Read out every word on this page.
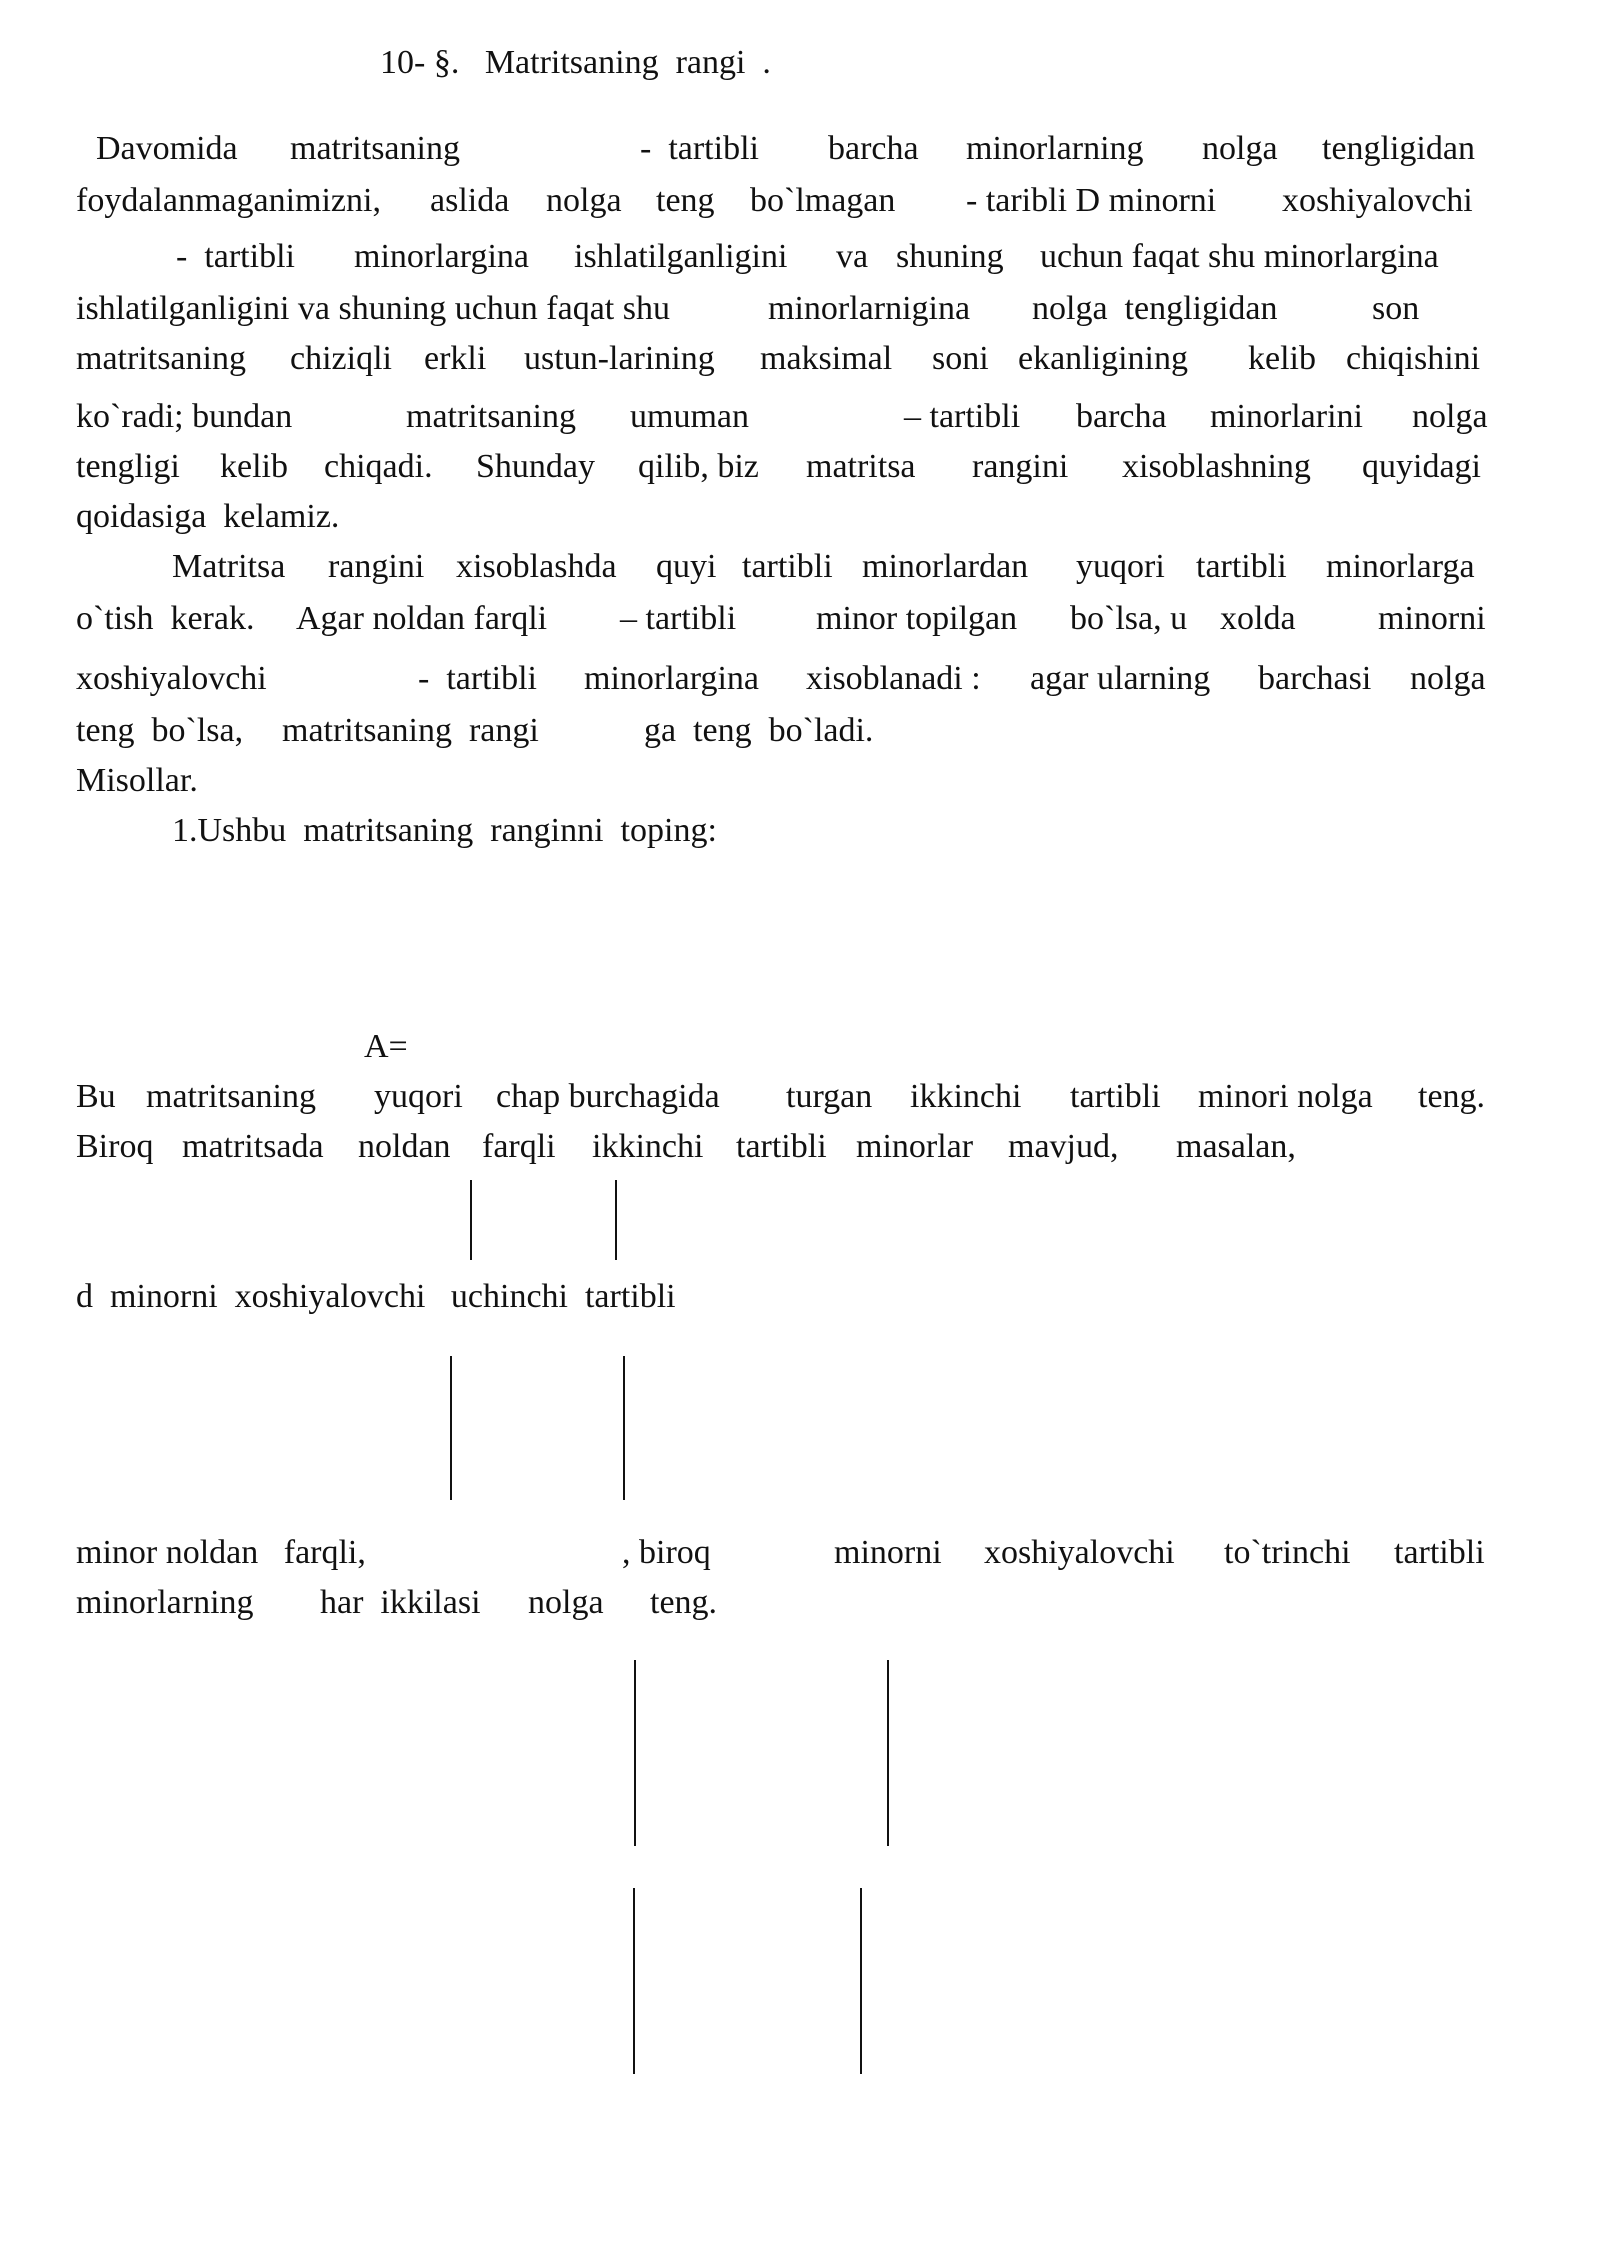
10- §.   Matritsaning  rangi  .
Davomida matritsaning	-  tartibli barcha minorlarning nolga tengligidan
foydalanmaganimizni, aslida nolga teng bo`lmagan - taribli D minorni xoshiyalovchi
-  tartibli minorlargina ishlatilganligini va shuning uchun faqat shu minorlargina
ishlatilganligini va shuning uchun faqat shu	minorlarnigina nolga  tengligidan	son
matritsaning chiziqli erkli ustun-larining maksimal soni ekanligining kelib chiqishini
ko`radi; bundan	matritsaning umuman	– tartibli barcha minorlarini nolga
tengligi kelib chiqadi. Shunday qilib, biz matritsa rangini xisoblashning quyidagi
qoidasiga  kelamiz.
Matritsa rangini xisoblashda quyi tartibli minorlardan yuqori tartibli minorlarga
o`tish  kerak. Agar noldan farqli – tartibli minor topilgan bo`lsa, u xolda minorni
xoshiyalovchi	-  tartibli minorlargina xisoblanadi : agar ularning barchasi nolga
teng  bo`lsa, matritsaning  rangi	ga  teng  bo`ladi.
Misollar.
1.Ushbu  matritsaning  ranginni  toping:
A=
Bu matritsaning yuqori chap burchagida turgan ikkinchi tartibli minori nolga teng.
Biroq matritsada noldan farqli ikkinchi tartibli minorlar mavjud, masalan,
d  minorni  xoshiyalovchi   uchinchi  tartibli
minor noldan   farqli,	, biroq	minorni xoshiyalovchi to`trinchi tartibli
minorlarning har  ikkilasi nolga teng.
